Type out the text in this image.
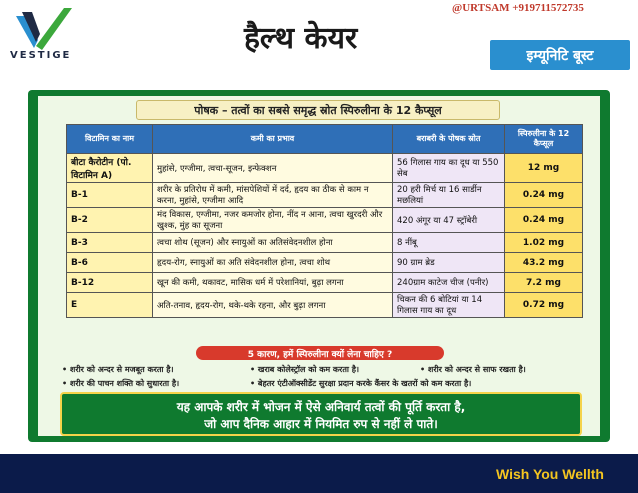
VESTIGE	हैल्थ केयर
@URTSAM +919711572735
इम्यूनिटि बूस्ट
पोषक – तत्वों का सबसे समृद्ध स्रोत स्पिरुलीना के 12 कैप्सूल
विटामिन का नाम	कमी का प्रभाव	बराबरी के पोषक स्रोत	स्पिरुलीना के 12 कैप्सूल
बीटा कैरोटीन (पो. विटामिन A)	मुहांसे, एग्जीमा, त्वचा-सूजन, इन्फेक्शन	56 गिलास गाय का दूध या 550 सेब	12 mg
B-1	शरीर के प्रतिरोध में कमी, मांसपेशियों में दर्द, हृदय का ठीक से काम न करना, मुहांसे, एग्जीमा आदि	20 हरी मिर्च या 16 सार्डीन मछलियां	0.24 mg
B-2	मंद विकास, एग्जीमा, नजर कमजोर होना, नींद न आना, त्वचा खुरदरी और खुश्क, मुंह का सूजना	420 अंगूर या 47 स्ट्रॉबेरी	0.24 mg
B-3	त्वचा शोथ (सूजन) और स्नायुओं का अतिसंवेदनशील होना	8 नींबू	1.02 mg
B-6	हृदय-रोग, स्नायुओं का अति संवेदनशील होना, त्वचा शोथ	90 ग्राम ब्रेड	43.2 mg
B-12	खून की कमी, थकावट, मासिक धर्म में परेशानियां, बुढ़ा लगना	240ग्राम काटेज चीज (पनीर)	7.2 mg
E	अति-तनाव, हृदय-रोग, थके-थके रहना, और बुढ़ा लगना	चिकन की 6 बोटियां या 14 गिलास गाय का दूध	0.72 mg
5 कारण, हमें स्पिरुलीना क्यों लेना चाहिए ?
• शरीर को अन्दर से मजबूत करता है।	• खराब कोलेस्ट्रॉल को कम करता है।	• शरीर को अन्दर से साफ रखता है।
• शरीर की पाचन शक्ति को सुधारता है।	• बेहतर एंटीऑक्सीडेंट सुरक्षा प्रदान करके कैंसर के खतरों को कम करता है।
यह आपके शरीर में भोजन में ऐसे अनिवार्य तत्वों की पूर्ति करता है,
जो आप दैनिक आहार में नियमित रुप से नहीं ले पाते।
Wish You Wellth
